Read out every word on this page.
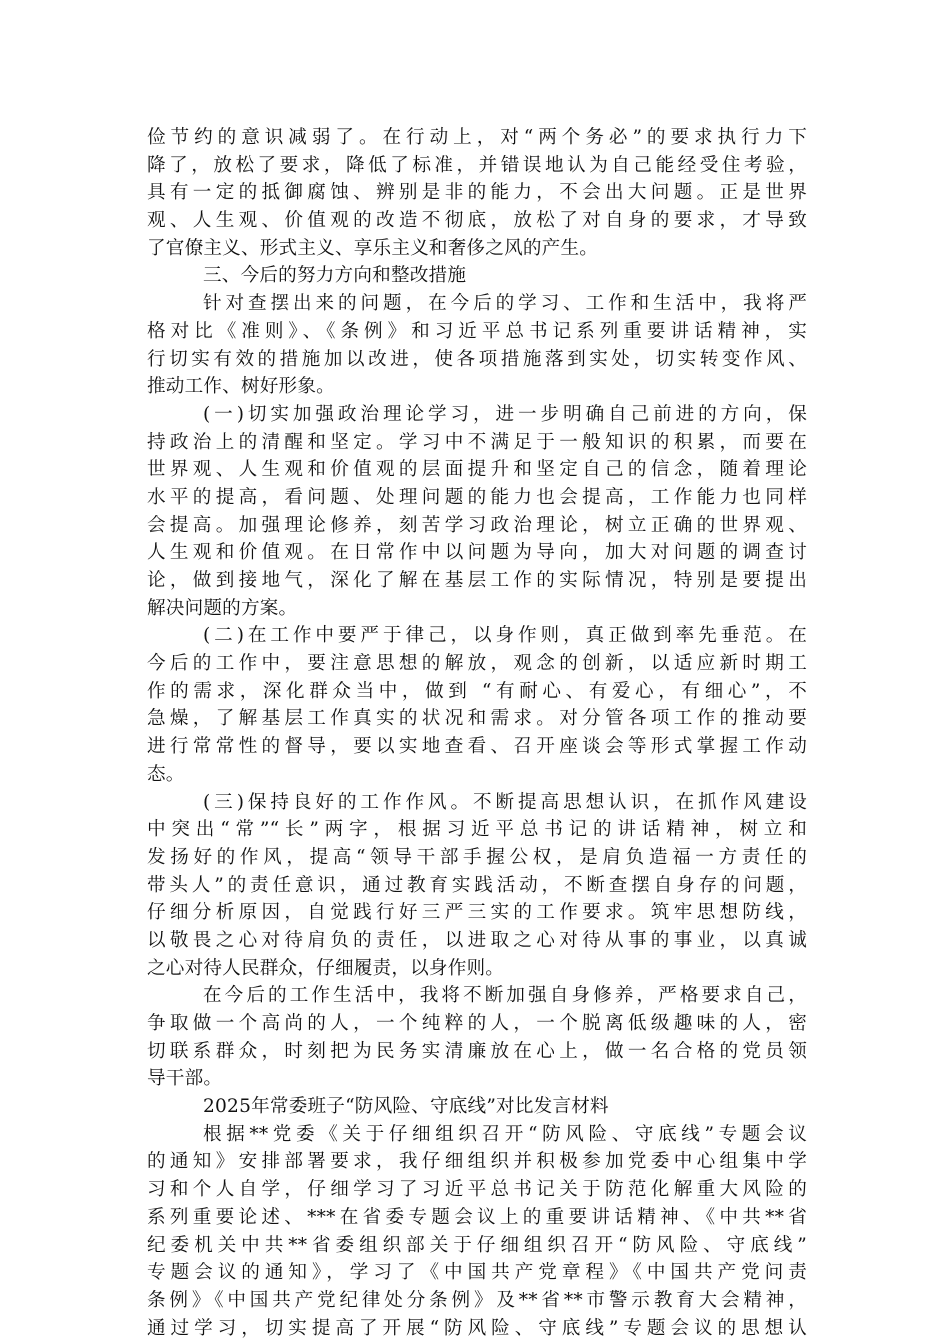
俭节约的意识减弱了。在行动上，对“两个务必”的要求执行力下
降了，放松了要求，降低了标准，并错误地认为自己能经受住考验，
具有一定的抵御腐蚀、辨别是非的能力，不会出大问题。正是世界
观、人生观、价值观的改造不彻底，放松了对自身的要求，才导致
了官僚主义、形式主义、享乐主义和奢侈之风的产生。
三、今后的努力方向和整改措施
针对查摆出来的问题，在今后的学习、工作和生活中，我将严
格对比《准则》、《条例》和习近平总书记系列重要讲话精神，实
行切实有效的措施加以改进，使各项措施落到实处，切实转变作风、
推动工作、树好形象。
(一)切实加强政治理论学习，进一步明确自己前进的方向，保
持政治上的清醒和坚定。学习中不满足于一般知识的积累，而要在
世界观、人生观和价值观的层面提升和坚定自己的信念，随着理论
水平的提高，看问题、处理问题的能力也会提高，工作能力也同样
会提高。加强理论修养，刻苦学习政治理论，树立正确的世界观、
人生观和价值观。在日常作中以问题为导向，加大对问题的调查讨
论，做到接地气，深化了解在基层工作的实际情况，特别是要提出
解决问题的方案。
(二)在工作中要严于律己，以身作则，真正做到率先垂范。在
今后的工作中，要注意思想的解放，观念的创新，以适应新时期工
作的需求，深化群众当中，做到 “有耐心、有爱心，有细心”，不
急燥，了解基层工作真实的状况和需求。对分管各项工作的推动要
进行常常性的督导，要以实地查看、召开座谈会等形式掌握工作动
态。
(三)保持良好的工作作风。不断提高思想认识，在抓作风建设
中突出“常”“长”两字，根据习近平总书记的讲话精神，树立和
发扬好的作风，提高“领导干部手握公权，是肩负造福一方责任的
带头人”的责任意识，通过教育实践活动，不断查摆自身存的问题，
仔细分析原因，自觉践行好三严三实的工作要求。筑牢思想防线，
以敬畏之心对待肩负的责任，以进取之心对待从事的事业，以真诚
之心对待人民群众，仔细履责，以身作则。
在今后的工作生活中，我将不断加强自身修养，严格要求自己，
争取做一个高尚的人，一个纯粹的人，一个脱离低级趣味的人，密
切联系群众，时刻把为民务实清廉放在心上，做一名合格的党员领
导干部。
2025年常委班子“防风险、守底线”对比发言材料
根据**党委《关于仔细组织召开“防风险、守底线”专题会议
的通知》安排部署要求，我仔细组织并积极参加党委中心组集中学
习和个人自学，仔细学习了习近平总书记关于防范化解重大风险的
系列重要论述、***在省委专题会议上的重要讲话精神、《中共**省
纪委机关中共**省委组织部关于仔细组织召开“防风险、守底线”
专题会议的通知》，学习了《中国共产党章程》《中国共产党问责
条例》《中国共产党纪律处分条例》及**省**市警示教育大会精神，
通过学习，切实提高了开展“防风险、守底线”专题会议的思想认
